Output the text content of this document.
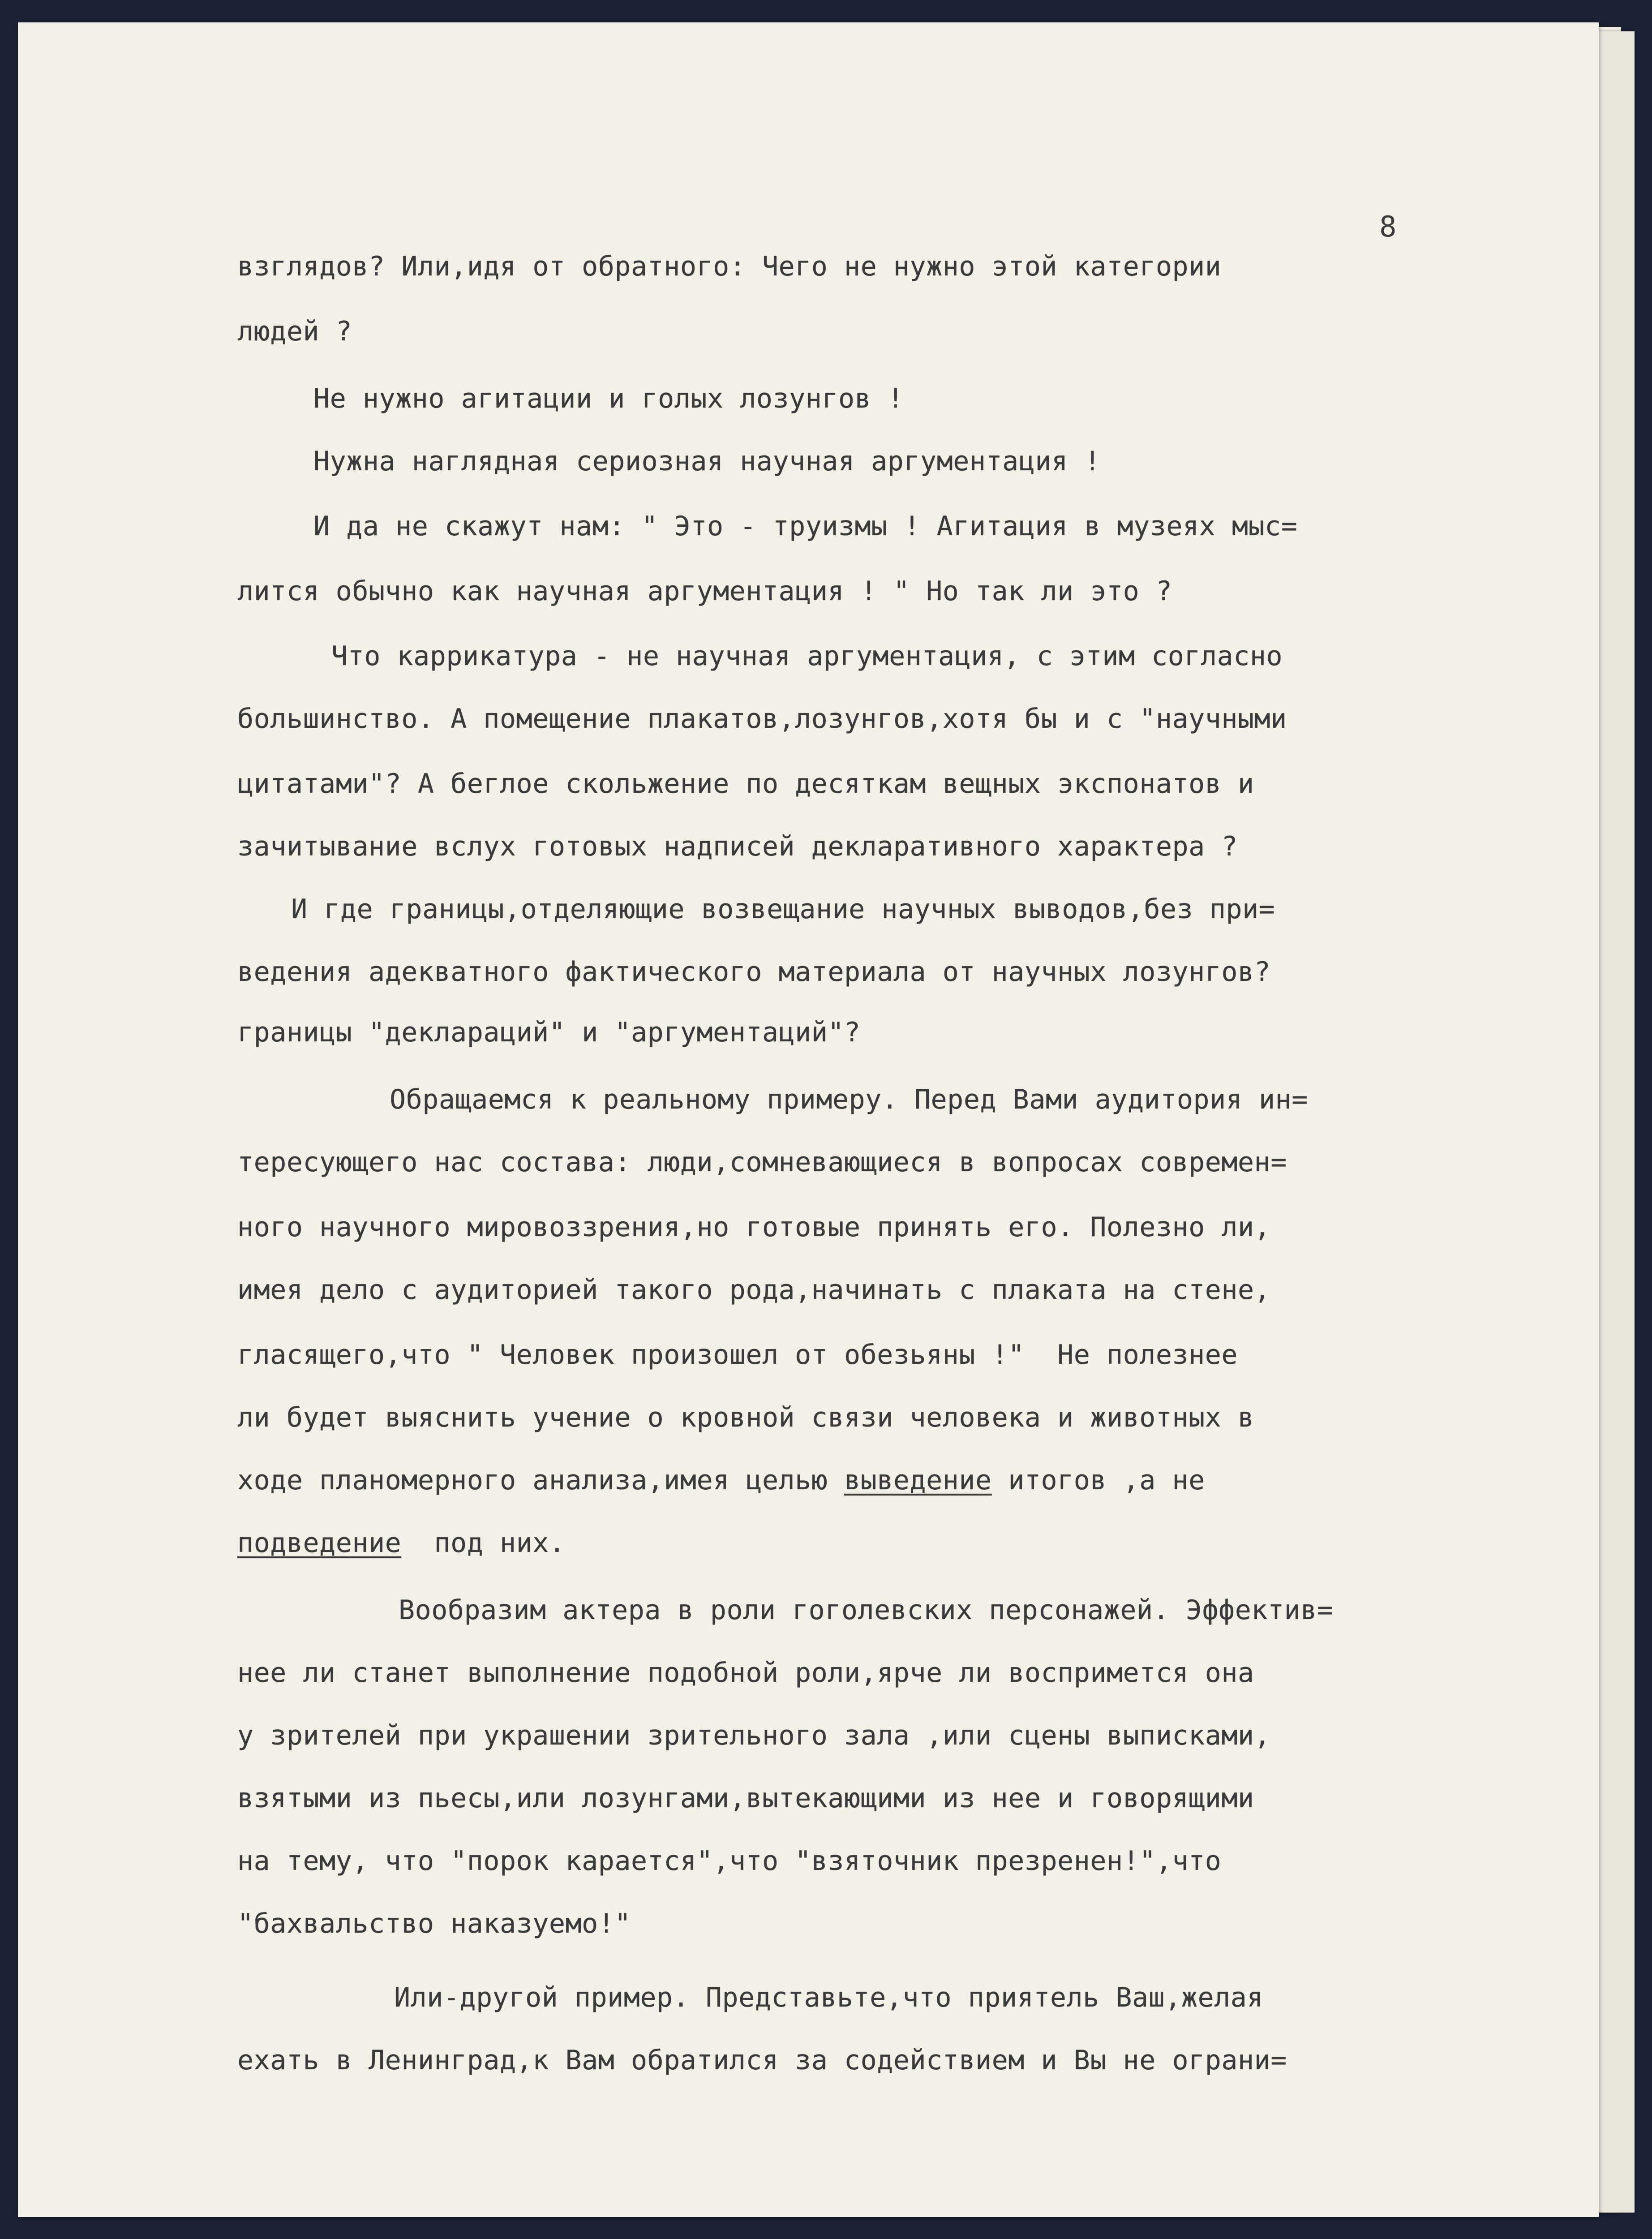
8
взглядов? Или,идя от обратного: Чего не нужно этой категории
людей ?
Не нужно агитации и голых лозунгов !
Нужна наглядная сериозная научная аргументация !
И да не скажут нам: " Это - труизмы ! Агитация в музеях мыс=
лится обычно как научная аргументация ! " Но так ли это ?
Что каррикатура - не научная аргументация, с этим согласно
большинство. А помещение плакатов,лозунгов,хотя бы и с "научными
цитатами"? А беглое скольжение по десяткам вещных экспонатов и
зачитывание вслух готовых надписей декларативного характера ?
И где границы,отделяющие возвещание научных выводов,без при=
ведения адекватного фактического материала от научных лозунгов?
границы "деклараций" и "аргументаций"?
Обращаемся к реальному примеру. Перед Вами аудитория ин=
тересующего нас состава: люди,сомневающиеся в вопросах современ=
ного научного мировоззрения,но готовые принять его. Полезно ли,
имея дело с аудиторией такого рода,начинать с плаката на стене,
гласящего,что " Человек произошел от обезьяны !"  Не полезнее
ли будет выяснить учение о кровной связи человека и животных в
ходе планомерного анализа,имея целью выведение итогов ,а не
подведение под них.
Вообразим актера в роли гоголевских персонажей. Эффектив=
нее ли станет выполнение подобной роли,ярче ли воспримется она
у зрителей при украшении зрительного зала ,или сцены выписками,
взятыми из пьесы,или лозунгами,вытекающими из нее и говорящими
на тему, что "порок карается",что "взяточник презренен!",что
"бахвальство наказуемо!"
Или-другой пример. Представьте,что приятель Ваш,желая
ехать в Ленинград,к Вам обратился за содействием и Вы не ограни=
